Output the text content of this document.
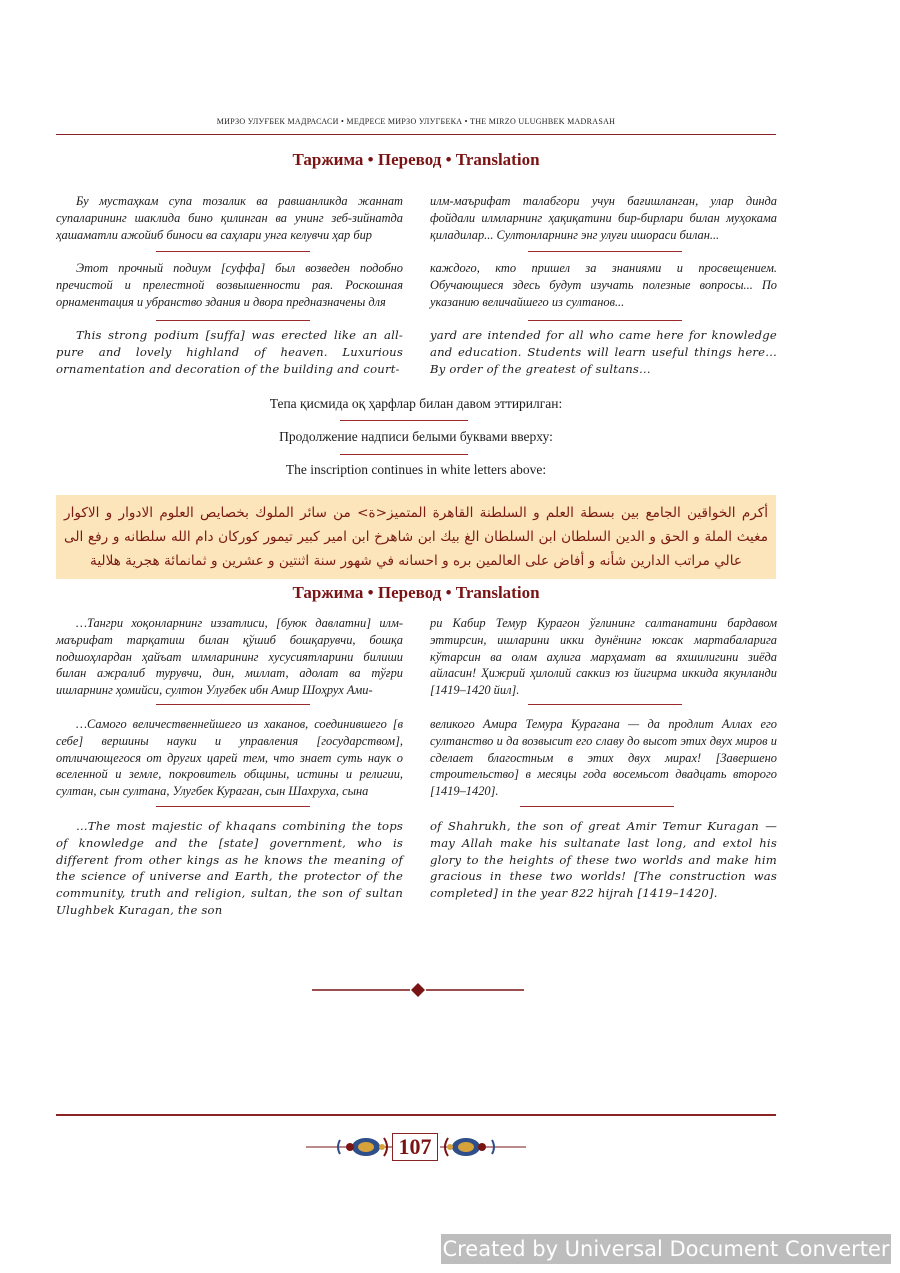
МИРЗО УЛУҒБЕК МАДРАСАСИ • МЕДРЕСЕ МИРЗО УЛУГБЕКА • THE MIRZO ULUGHBEK MADRASAH
Таржима • Перевод • Translation

Бу мустаҳкам супа тозалик ва равшанликда жаннат супаларининг шаклида бино қилинган ва унинг зеб-зийнатда ҳашаматли ажойиб биноси ва саҳлари унга келувчи ҳар бир

илм-маърифат талабгори учун бағишланган, улар динда фойдали илмларнинг ҳақиқатини бир-бирлари билан муҳокама қиладилар... Султонларнинг энг улуғи ишораси билан...

Этот прочный подиум [суффа] был возведен подобно пречистой и прелестной возвышенности рая. Роскошная орнаментация и убранство здания и двора предназначены для

каждого, кто пришел за знаниями и просвещением. Обучающиеся здесь будут изучать полезные вопросы... По указанию величайшего из султанов...

This strong podium [suffa] was erected like an all-pure and lovely highland of heaven. Luxurious ornamentation and decoration of the building and court-

yard are intended for all who came here for knowledge and education. Students will learn useful things here… By order of the greatest of sultans…

Тепа қисмида оқ ҳарфлар билан давом эттирилган:
Продолжение надписи белыми буквами вверху:
The inscription continues in white letters above:
أكرم الخواقين الجامع بين بسطة العلم و السلطنة القاهرة المتميز<ة> من سائر الملوك بخصايص العلوم الادوار و الاكوار مغيث الملة و الحق و الدين السلطان ابن السلطان الغ بيك ابن شاهرخ ابن امير كبير تيمور كوركان دام الله سلطانه و رفع الى عالي مراتب الدارين شأنه و أفاض على العالمين بره و احسانه في شهور سنة اثنتين و عشرين و ثمانمائة هجرية هلالية
Таржима • Перевод • Translation

…Тангри хоқонларнинг иззатлиси, [буюк давлатни] илм-маърифат тарқатиш билан қўшиб бошқарувчи, бошқа подшоҳлардан ҳайъат илмларининг хусусиятларини билиши билан ажралиб турувчи, дин, миллат, адолат ва тўғри ишларнинг ҳомийси, султон Улуғбек ибн Амир Шоҳрух Ами-

ри Кабир Темур Курагон ўғлининг салтанатини бардавом эттирсин, ишларини икки дунёнинг юксак мартабаларига кўтарсин ва олам аҳлига марҳамат ва яхшилигини зиёда айласин! Ҳижрий ҳилолий саккиз юз йигирма иккида якунланди [1419–1420 йил].

…Самого величественнейшего из хаканов, соединившего [в себе] вершины науки и управления [государством], отличающегося от других царей тем, что знает суть наук о вселенной и земле, покровитель общины, истины и религии, султан, сын султана, Улугбек Кураган, сын Шахруха, сына

великого Амира Темура Курагана — да продлит Аллах его султанство и да возвысит его славу до высот этих двух миров и сделает благостным в этих двух мирах! [Завершено строительство] в месяцы года восемьсот двадцать второго [1419–1420].

…The most majestic of khaqans combining the tops of knowledge and the [state] government, who is different from other kings as he knows the meaning of the science of universe and Earth, the protector of the community, truth and religion, sultan, the son of sultan Ulughbek Kuragan, the son

of Shahrukh, the son of great Amir Temur Kuragan — may Allah make his sultanate last long, and extol his glory to the heights of these two worlds and make him gracious in these two worlds! [The construction was completed] in the year 822 hijrah [1419–1420].

107
Created by Universal Document Converter
